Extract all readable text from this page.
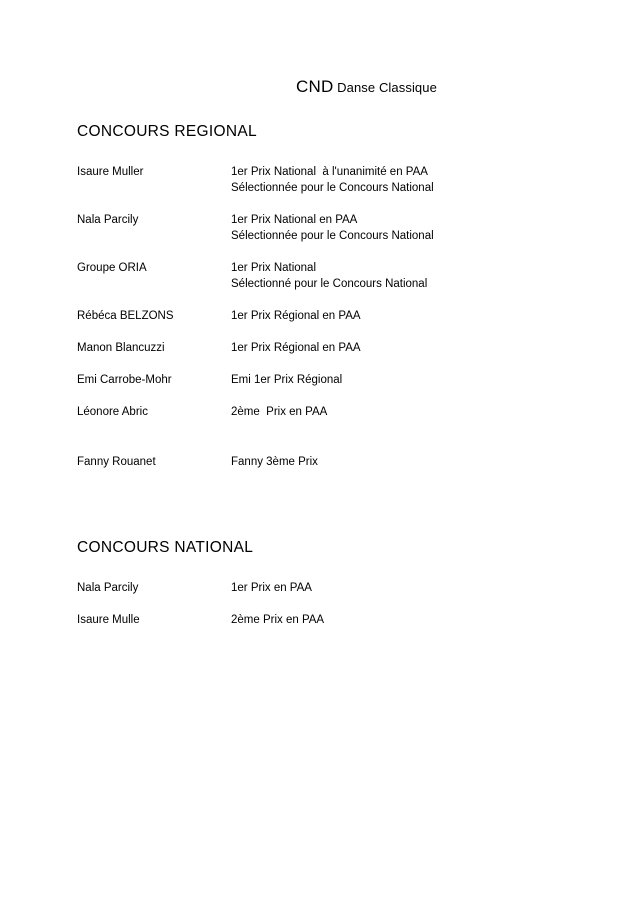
CND Danse Classique
CONCOURS REGIONAL
Isaure Muller	1er Prix National  à l'unanimité en PAA
Sélectionnée pour le Concours National
Nala Parcily	1er Prix National en PAA
Sélectionnée pour le Concours National
Groupe ORIA	1er Prix National
Sélectionné pour le Concours National
Rébéca BELZONS	1er Prix Régional en PAA
Manon Blancuzzi	1er Prix Régional en PAA
Emi Carrobe-Mohr	Emi 1er Prix Régional
Léonore Abric	2ème  Prix en PAA
Fanny Rouanet	Fanny 3ème Prix
CONCOURS NATIONAL
Nala Parcily	1er Prix en PAA
Isaure Mulle	2ème Prix en PAA
